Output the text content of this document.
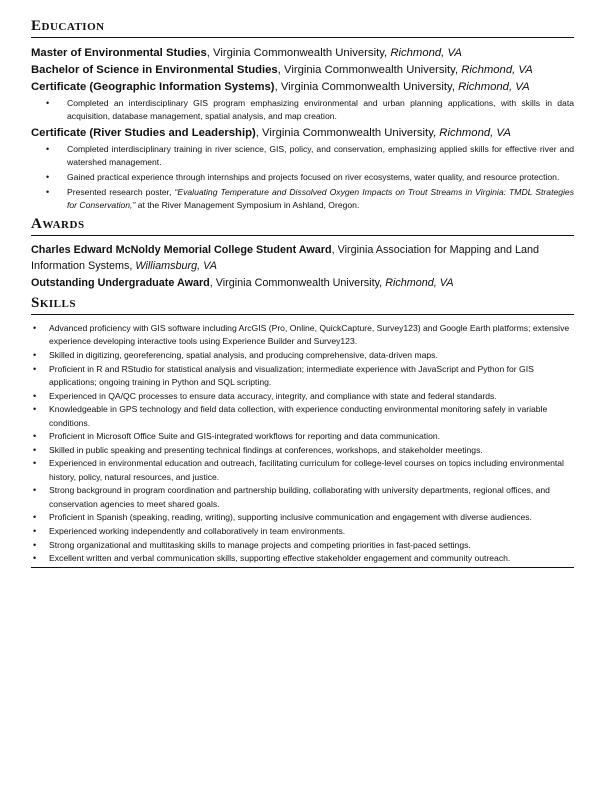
Education
Master of Environmental Studies, Virginia Commonwealth University, Richmond, VA
Bachelor of Science in Environmental Studies, Virginia Commonwealth University, Richmond, VA
Certificate (Geographic Information Systems), Virginia Commonwealth University, Richmond, VA
• Completed an interdisciplinary GIS program emphasizing environmental and urban planning applications, with skills in data acquisition, database management, spatial analysis, and map creation.
Certificate (River Studies and Leadership), Virginia Commonwealth University, Richmond, VA
• Completed interdisciplinary training in river science, GIS, policy, and conservation, emphasizing applied skills for effective river and watershed management.
• Gained practical experience through internships and projects focused on river ecosystems, water quality, and resource protection.
• Presented research poster, “Evaluating Temperature and Dissolved Oxygen Impacts on Trout Streams in Virginia: TMDL Strategies for Conservation,” at the River Management Symposium in Ashland, Oregon.
Awards
Charles Edward McNoldy Memorial College Student Award, Virginia Association for Mapping and Land Information Systems, Williamsburg, VA
Outstanding Undergraduate Award, Virginia Commonwealth University, Richmond, VA
Skills
• Advanced proficiency with GIS software including ArcGIS (Pro, Online, QuickCapture, Survey123) and Google Earth platforms; extensive experience developing interactive tools using Experience Builder and Survey123.
• Skilled in digitizing, georeferencing, spatial analysis, and producing comprehensive, data-driven maps.
• Proficient in R and RStudio for statistical analysis and visualization; intermediate experience with JavaScript and Python for GIS applications; ongoing training in Python and SQL scripting.
• Experienced in QA/QC processes to ensure data accuracy, integrity, and compliance with state and federal standards.
• Knowledgeable in GPS technology and field data collection, with experience conducting environmental monitoring safely in variable conditions.
• Proficient in Microsoft Office Suite and GIS-integrated workflows for reporting and data communication.
• Skilled in public speaking and presenting technical findings at conferences, workshops, and stakeholder meetings.
• Experienced in environmental education and outreach, facilitating curriculum for college-level courses on topics including environmental history, policy, natural resources, and justice.
• Strong background in program coordination and partnership building, collaborating with university departments, regional offices, and conservation agencies to meet shared goals.
• Proficient in Spanish (speaking, reading, writing), supporting inclusive communication and engagement with diverse audiences.
• Experienced working independently and collaboratively in team environments.
• Strong organizational and multitasking skills to manage projects and competing priorities in fast-paced settings.
• Excellent written and verbal communication skills, supporting effective stakeholder engagement and community outreach.
